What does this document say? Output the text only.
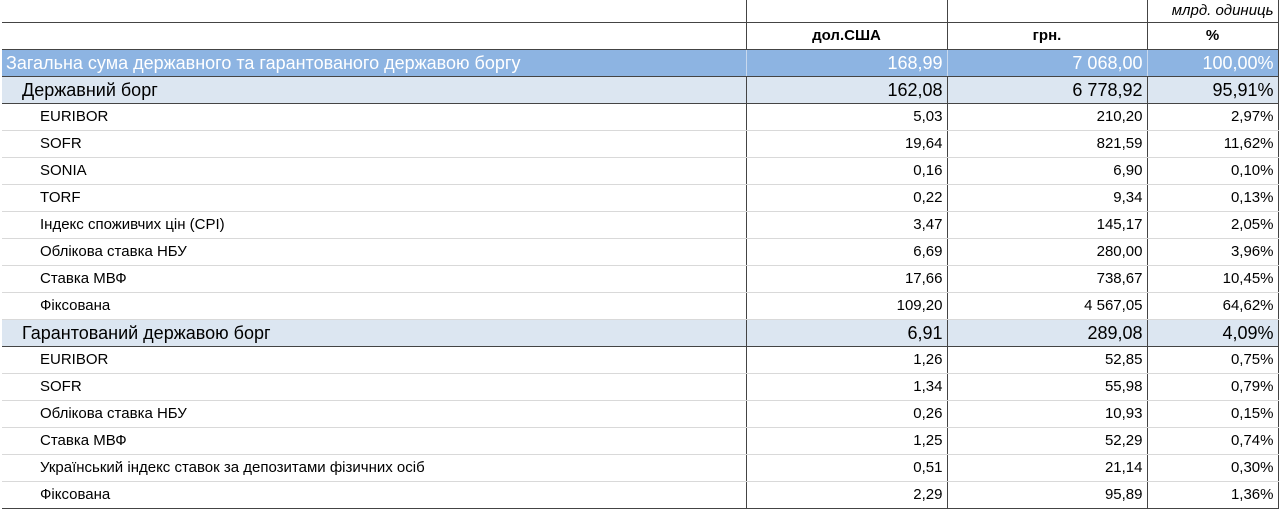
			млрд. одиниць
	дол.США	грн.	%
Загальна сума державного та гарантованого державою боргу	168,99	7 068,00	100,00%
Державний борг	162,08	6 778,92	95,91%
EURIBOR	5,03	210,20	2,97%
SOFR	19,64	821,59	11,62%
SONIA	0,16	6,90	0,10%
TORF	0,22	9,34	0,13%
Індекс споживчих цін (CPI)	3,47	145,17	2,05%
Облікова ставка НБУ	6,69	280,00	3,96%
Ставка МВФ	17,66	738,67	10,45%
Фіксована	109,20	4 567,05	64,62%
Гарантований державою борг	6,91	289,08	4,09%
EURIBOR	1,26	52,85	0,75%
SOFR	1,34	55,98	0,79%
Облікова ставка НБУ	0,26	10,93	0,15%
Ставка МВФ	1,25	52,29	0,74%
Український індекс ставок за депозитами фізичних осіб	0,51	21,14	0,30%
Фіксована	2,29	95,89	1,36%
